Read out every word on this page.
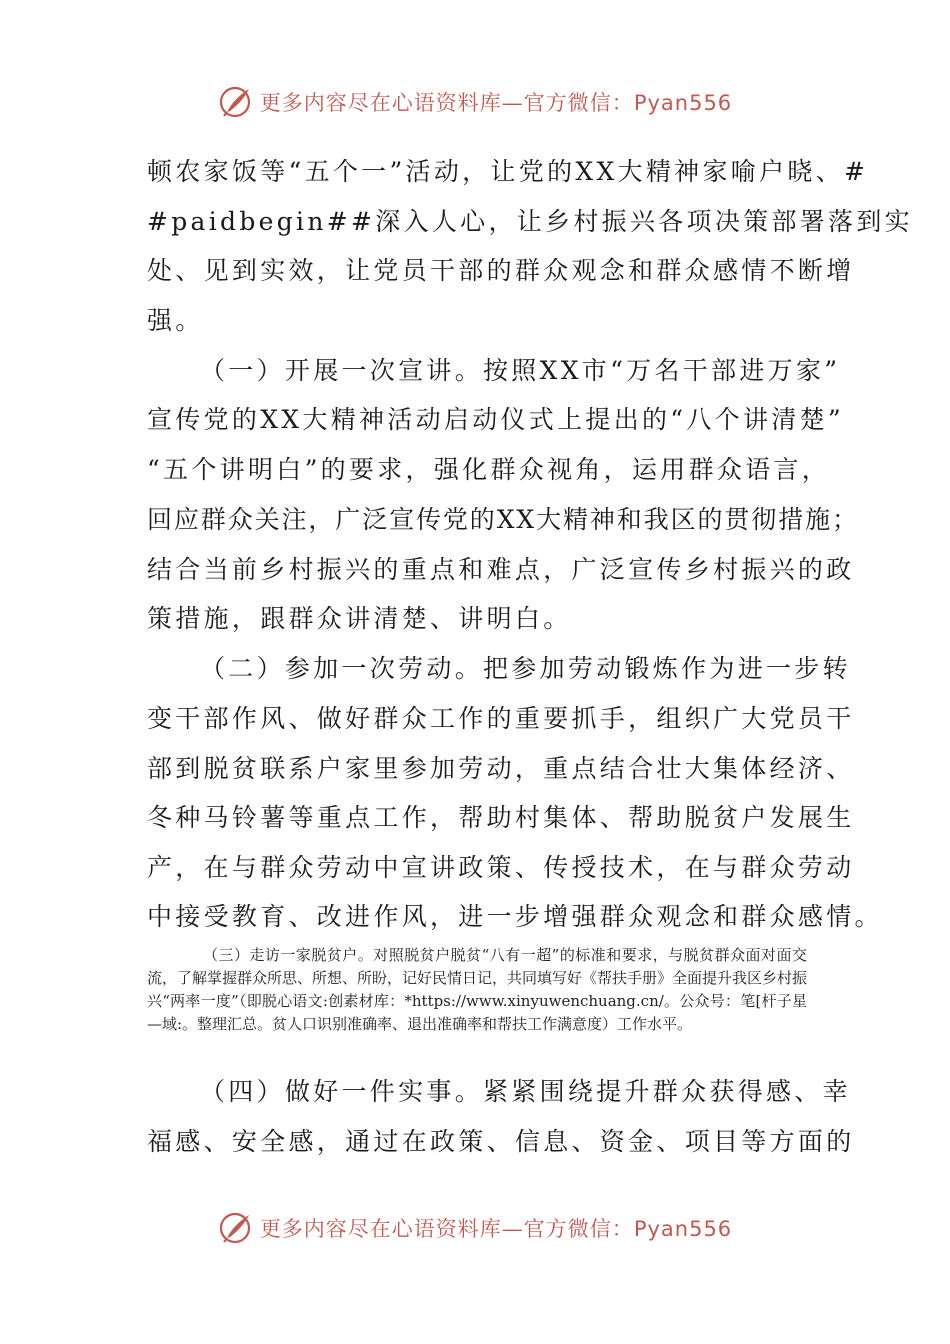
更多内容尽在心语资料库—官方微信：Pyan556
顿农家饭等“五个一”活动，让党的XX大精神家喻户晓、#
#paidbegin##深入人心，让乡村振兴各项决策部署落到实
处、见到实效，让党员干部的群众观念和群众感情不断增
强。
（一）开展一次宣讲。按照XX市“万名干部进万家”
宣传党的XX大精神活动启动仪式上提出的“八个讲清楚”
“五个讲明白”的要求，强化群众视角，运用群众语言，
回应群众关注，广泛宣传党的XX大精神和我区的贯彻措施；
结合当前乡村振兴的重点和难点，广泛宣传乡村振兴的政
策措施，跟群众讲清楚、讲明白。
（二）参加一次劳动。把参加劳动锻炼作为进一步转
变干部作风、做好群众工作的重要抓手，组织广大党员干
部到脱贫联系户家里参加劳动，重点结合壮大集体经济、
冬种马铃薯等重点工作，帮助村集体、帮助脱贫户发展生
产，在与群众劳动中宣讲政策、传授技术，在与群众劳动
中接受教育、改进作风，进一步增强群众观念和群众感情。
（三）走访一家脱贫户。对照脱贫户脱贫“八有一超”的标准和要求，与脱贫群众面对面交流，了解掌握群众所思、所想、所盼，记好民情日记，共同填写好《帮扶手册》全面提升我区乡村振兴“两率一度”（即脱心语文:创素材库：*https://www.xinyuwenchuang.cn/。公众号：笔[杆子星—域:。整理汇总。贫人口识别准确率、退出准确率和帮扶工作满意度）工作水平。
（四）做好一件实事。紧紧围绕提升群众获得感、幸
福感、安全感，通过在政策、信息、资金、项目等方面的
更多内容尽在心语资料库—官方微信：Pyan556
